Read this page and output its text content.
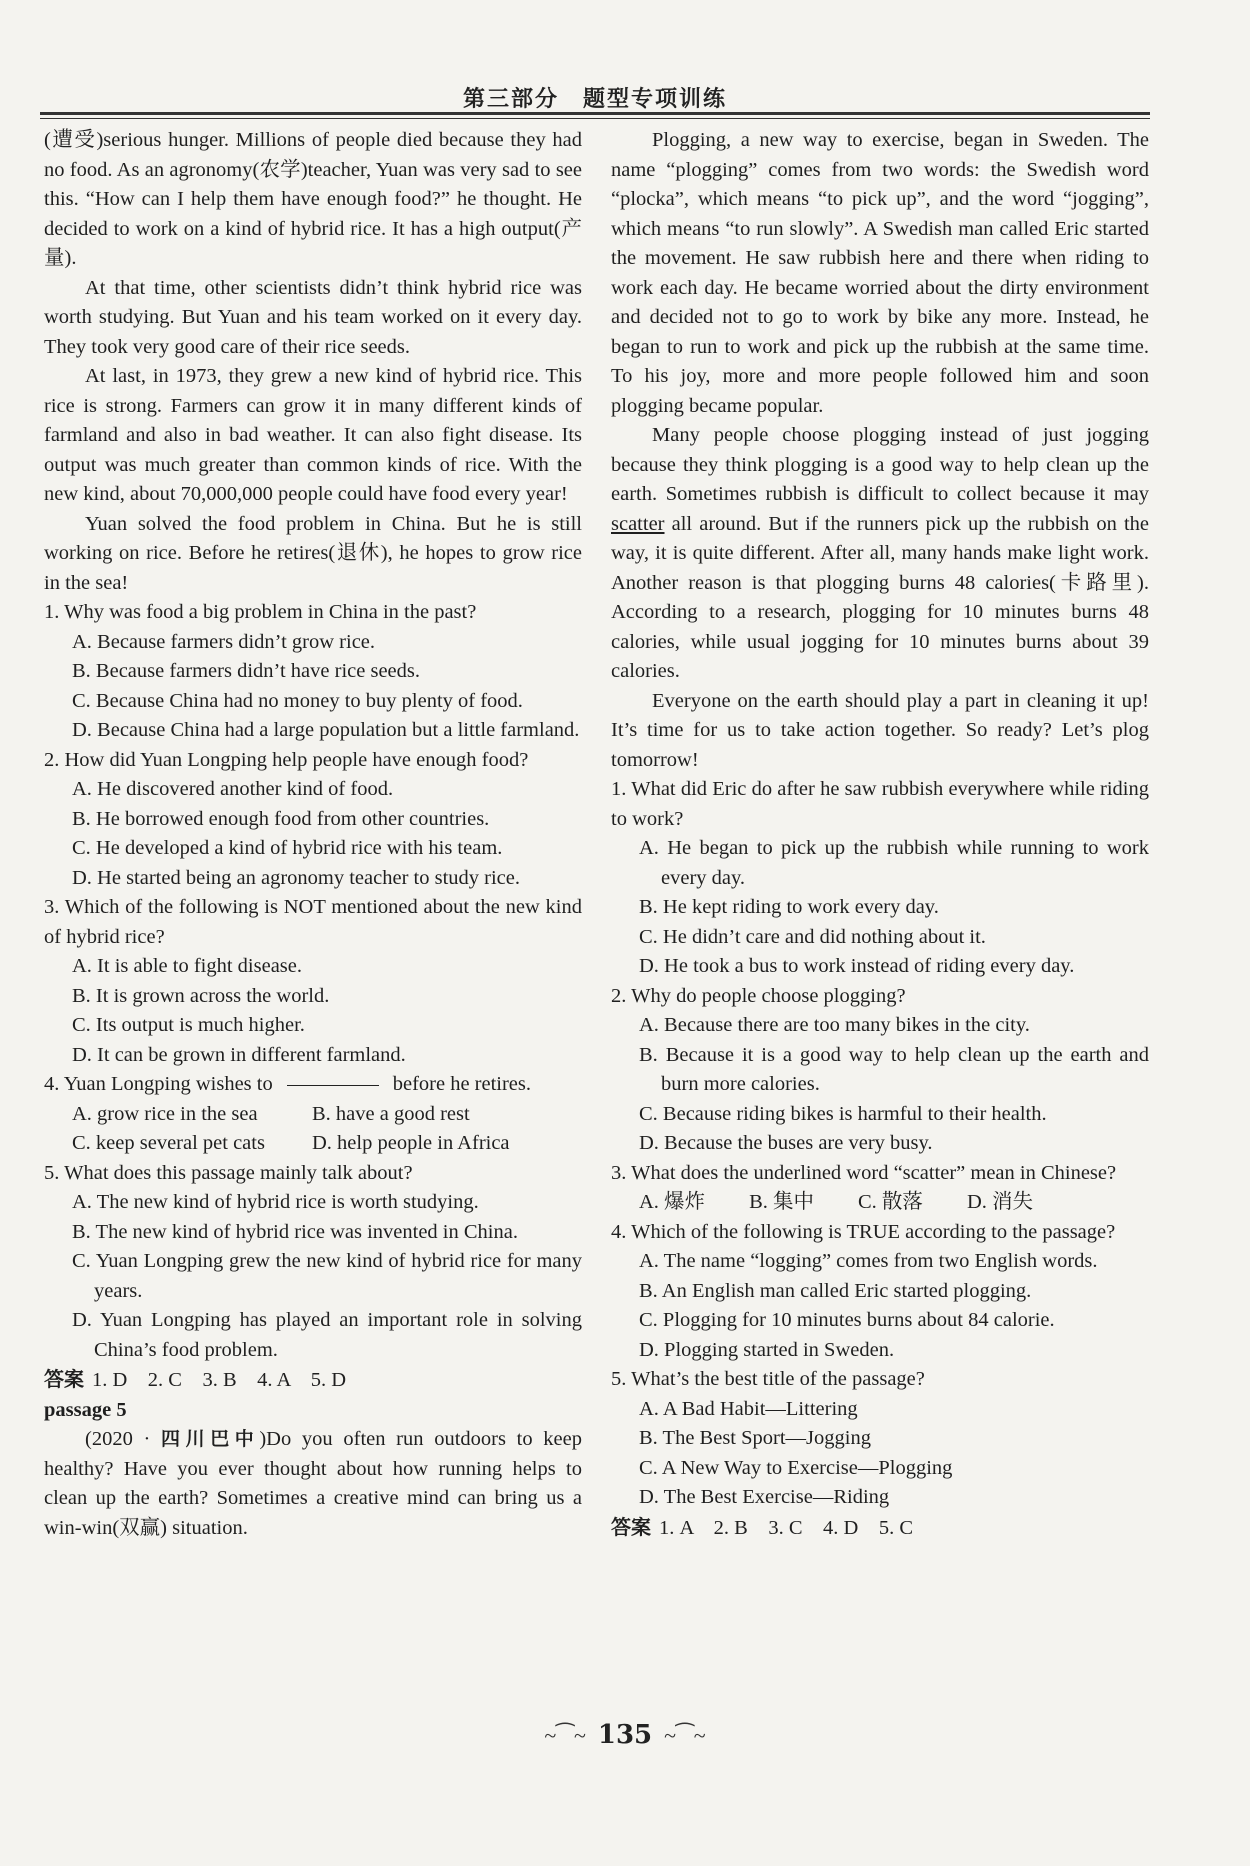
第三部分　题型专项训练

(遭受)serious hunger. Millions of people died because they had no food. As an agronomy(农学)teacher, Yuan was very sad to see this. “How can I help them have enough food?” he thought. He decided to work on a kind of hybrid rice. It has a high output(产量).

At that time, other scientists didn’t think hybrid rice was worth studying. But Yuan and his team worked on it every day. They took very good care of their rice seeds.

At last, in 1973, they grew a new kind of hybrid rice. This rice is strong. Farmers can grow it in many different kinds of farmland and also in bad weather. It can also fight disease. Its output was much greater than common kinds of rice. With the new kind, about 70,000,000 people could have food every year!

Yuan solved the food problem in China. But he is still working on rice. Before he retires(退休), he hopes to grow rice in the sea!

1. Why was food a big problem in China in the past?

A. Because farmers didn’t grow rice.

B. Because farmers didn’t have rice seeds.

C. Because China had no money to buy plenty of food.

D. Because China had a large population but a little farmland.

2. How did Yuan Longping help people have enough food?

A. He discovered another kind of food.

B. He borrowed enough food from other countries.

C. He developed a kind of hybrid rice with his team.

D. He started being an agronomy teacher to study rice.

3. Which of the following is NOT mentioned about the new kind of hybrid rice?

A. It is able to fight disease.

B. It is grown across the world.

C. Its output is much higher.

D. It can be grown in different farmland.

4. Yuan Longping wishes to	before he retires.

A. grow rice in the sea	B. have a good rest
C. keep several pet cats	D. help people in Africa

5. What does this passage mainly talk about?

A. The new kind of hybrid rice is worth studying.

B. The new kind of hybrid rice was invented in China.

C. Yuan Longping grew the new kind of hybrid rice for many years.

D. Yuan Longping has played an important role in solving China’s food problem.

答案 1. D　2. C　3. B　4. A　5. D

passage 5

(2020 · 四川巴中)Do you often run outdoors to keep healthy? Have you ever thought about how running helps to clean up the earth? Sometimes a creative mind can bring us a win-win(双赢) situation.

Plogging, a new way to exercise, began in Sweden. The name “plogging” comes from two words: the Swedish word “plocka”, which means “to pick up”, and the word “jogging”, which means “to run slowly”. A Swedish man called Eric started the movement. He saw rubbish here and there when riding to work each day. He became worried about the dirty environment and decided not to go to work by bike any more. Instead, he began to run to work and pick up the rubbish at the same time. To his joy, more and more people followed him and soon plogging became popular.

Many people choose plogging instead of just jogging because they think plogging is a good way to help clean up the earth. Sometimes rubbish is difficult to collect because it may scatter all around. But if the runners pick up the rubbish on the way, it is quite different. After all, many hands make light work. Another reason is that plogging burns 48 calories(卡路里). According to a research, plogging for 10 minutes burns 48 calories, while usual jogging for 10 minutes burns about 39 calories.

Everyone on the earth should play a part in cleaning it up! It’s time for us to take action together. So ready? Let’s plog tomorrow!

1. What did Eric do after he saw rubbish everywhere while riding to work?

A. He began to pick up the rubbish while running to work every day.

B. He kept riding to work every day.

C. He didn’t care and did nothing about it.

D. He took a bus to work instead of riding every day.

2. Why do people choose plogging?

A. Because there are too many bikes in the city.

B. Because it is a good way to help clean up the earth and burn more calories.

C. Because riding bikes is harmful to their health.

D. Because the buses are very busy.

3. What does the underlined word “scatter” mean in Chinese?

A. 爆炸 B. 集中 C. 散落 D. 消失

4. Which of the following is TRUE according to the passage?

A. The name “logging” comes from two English words.

B. An English man called Eric started plogging.

C. Plogging for 10 minutes burns about 84 calorie.

D. Plogging started in Sweden.

5. What’s the best title of the passage?

A. A Bad Habit—Littering

B. The Best Sport—Jogging

C. A New Way to Exercise—Plogging

D. The Best Exercise—Riding

答案 1. A　2. B　3. C　4. D　5. C

~⁀~ 135 ~⁀~
